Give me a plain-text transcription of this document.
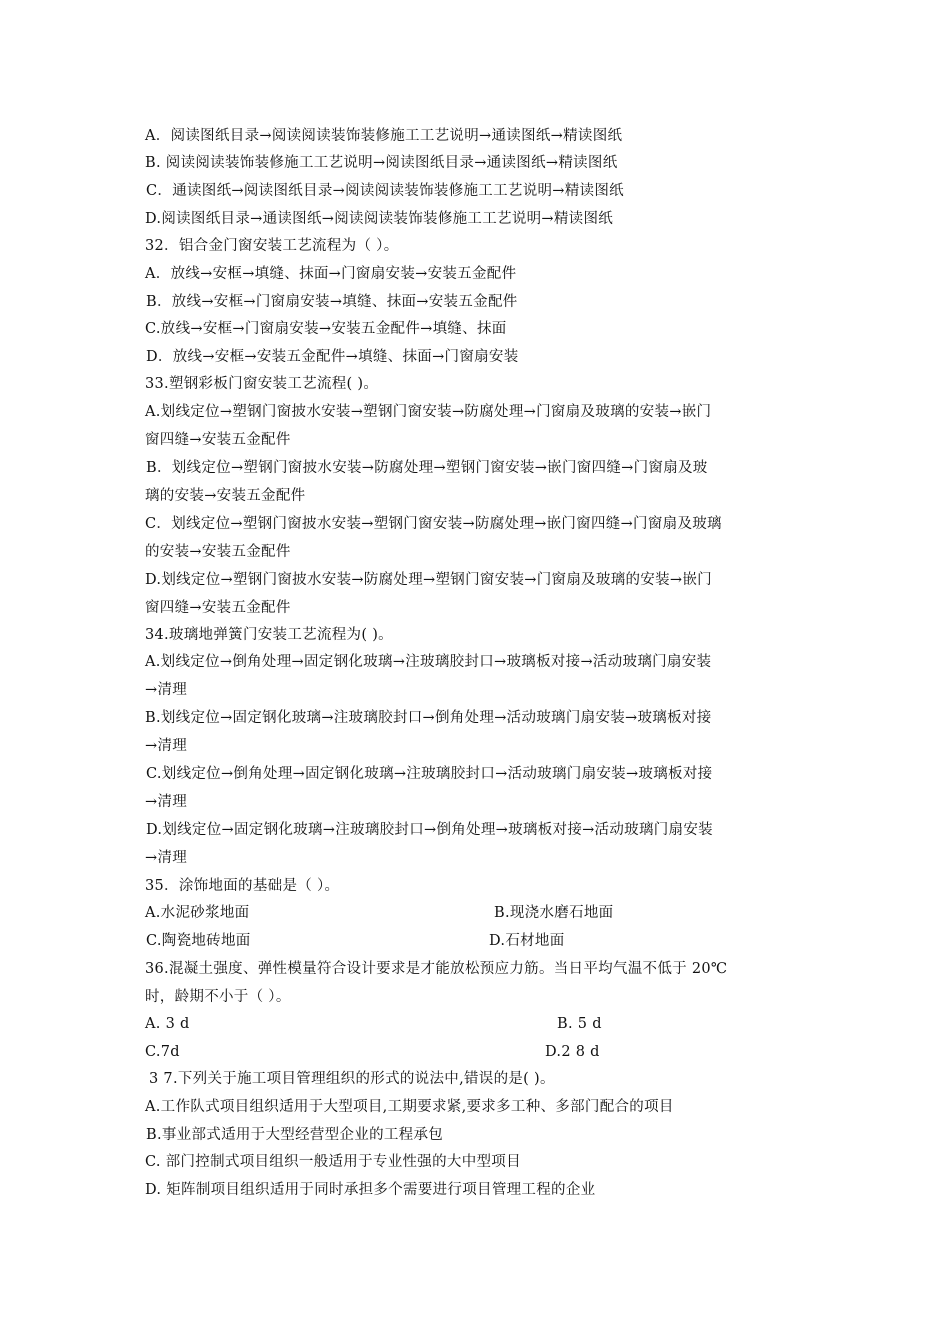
A．阅读图纸目录→阅读阅读装饰装修施工工艺说明→通读图纸→精读图纸
B. 阅读阅读装饰装修施工工艺说明→阅读图纸目录→通读图纸→精读图纸
C．通读图纸→阅读图纸目录→阅读阅读装饰装修施工工艺说明→精读图纸
D.阅读图纸目录→通读图纸→阅读阅读装饰装修施工工艺说明→精读图纸
32．铝合金门窗安装工艺流程为（ ）。
A．放线→安框→填缝、抹面→门窗扇安装→安装五金配件
B．放线→安框→门窗扇安装→填缝、抹面→安装五金配件
C.放线→安框→门窗扇安装→安装五金配件→填缝、抹面
D．放线→安框→安装五金配件→填缝、抹面→门窗扇安装
33.塑钢彩板门窗安装工艺流程( )。
A.划线定位→塑钢门窗披水安装→塑钢门窗安装→防腐处理→门窗扇及玻璃的安装→嵌门
窗四缝→安装五金配件
B．划线定位→塑钢门窗披水安装→防腐处理→塑钢门窗安装→嵌门窗四缝→门窗扇及玻
璃的安装→安装五金配件
C．划线定位→塑钢门窗披水安装→塑钢门窗安装→防腐处理→嵌门窗四缝→门窗扇及玻璃
的安装→安装五金配件
D.划线定位→塑钢门窗披水安装→防腐处理→塑钢门窗安装→门窗扇及玻璃的安装→嵌门
窗四缝→安装五金配件
34.玻璃地弹簧门安装工艺流程为( )。
A.划线定位→倒角处理→固定钢化玻璃→注玻璃胶封口→玻璃板对接→活动玻璃门扇安装
→清理
B.划线定位→固定钢化玻璃→注玻璃胶封口→倒角处理→活动玻璃门扇安装→玻璃板对接
→清理
C.划线定位→倒角处理→固定钢化玻璃→注玻璃胶封口→活动玻璃门扇安装→玻璃板对接
→清理
D.划线定位→固定钢化玻璃→注玻璃胶封口→倒角处理→玻璃板对接→活动玻璃门扇安装
→清理
35．涂饰地面的基础是（ ）。
A.水泥砂浆地面	B.现浇水磨石地面
C.陶瓷地砖地面	D.石材地面
36.混凝土强度、弹性模量符合设计要求是才能放松预应力筋。当日平均气温不低于 20℃
时，龄期不小于（ ）。
A. 3 d	B. 5 d
C.7d	D.2 8 d
3 7.下列关于施工项目管理组织的形式的说法中,错误的是( )。
A.工作队式项目组织适用于大型项目,工期要求紧,要求多工种、多部门配合的项目
B.事业部式适用于大型经营型企业的工程承包
C. 部门控制式项目组织一般适用于专业性强的大中型项目
D. 矩阵制项目组织适用于同时承担多个需要进行项目管理工程的企业
